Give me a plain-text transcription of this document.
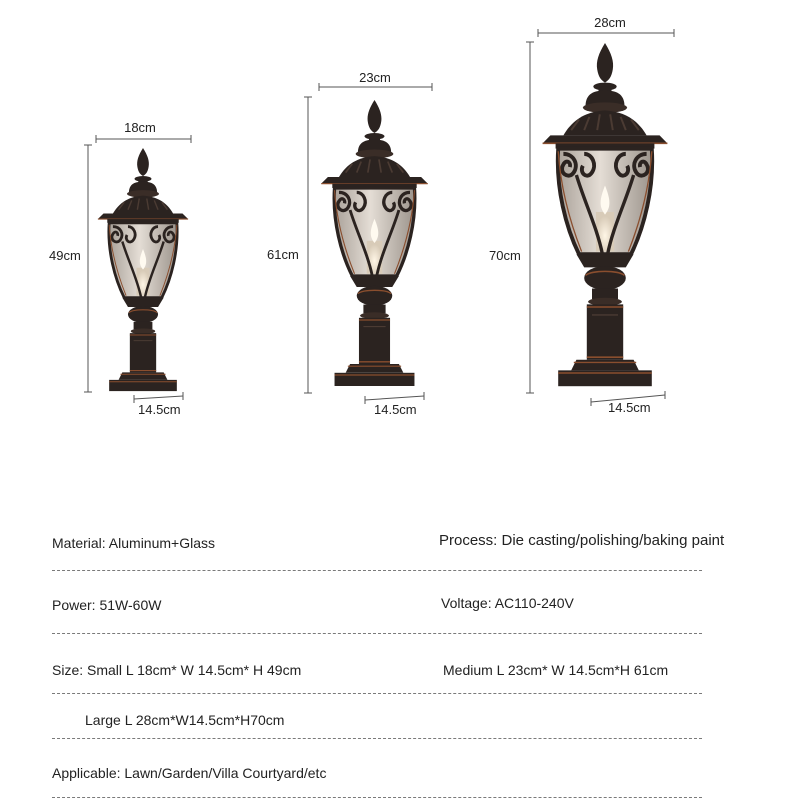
18cm
49cm
14.5cm
23cm
61cm
14.5cm
28cm
70cm
14.5cm
Material: Aluminum+Glass	Process: Die casting/polishing/baking paint
Power: 51W-60W	Voltage: AC110-240V
Size: Small L 18cm* W 14.5cm* H 49cm	Medium L 23cm* W 14.5cm*H 61cm
Large L 28cm*W14.5cm*H70cm
Applicable: Lawn/Garden/Villa Courtyard/etc
